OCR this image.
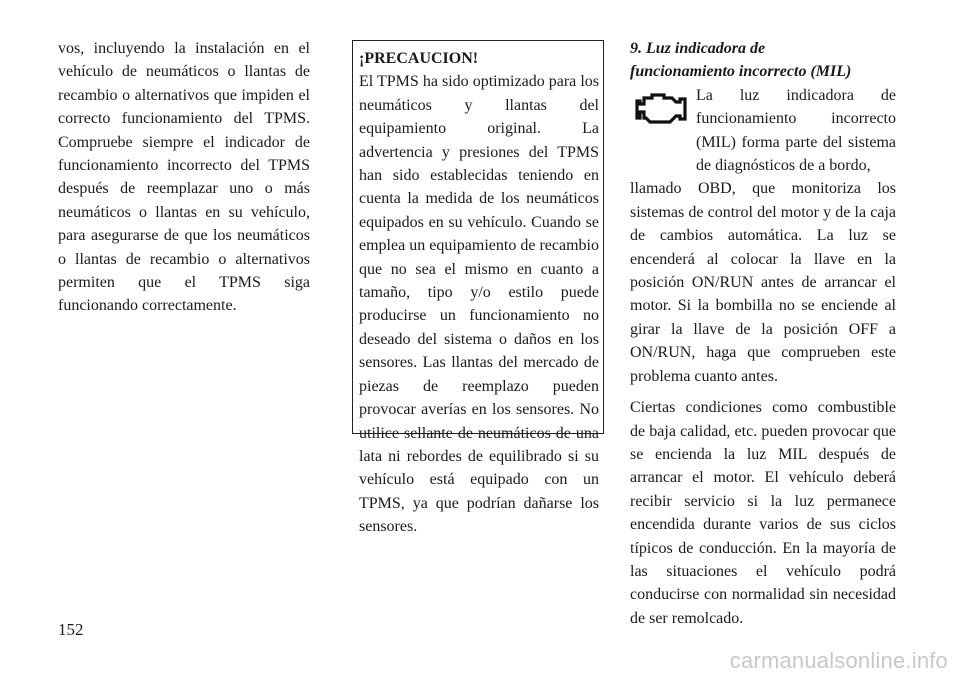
vos, incluyendo la instalación en el vehículo de neumáticos o llantas de recambio o alternativos que impiden el correcto funcionamiento del TPMS. Compruebe siempre el indicador de funcionamiento incorrecto del TPMS después de reemplazar uno o más neumáticos o llantas en su vehículo, para asegurarse de que los neumáticos o llantas de recambio o alternativos permiten que el TPMS siga funcionando correctamente.

¡PRECAUCION!
El TPMS ha sido optimizado para los neumáticos y llantas del equipamiento original. La advertencia y presiones del TPMS han sido establecidas teniendo en cuenta la medida de los neumáticos equipados en su vehículo. Cuando se emplea un equipamiento de recambio que no sea el mismo en cuanto a tamaño, tipo y/o estilo puede producirse un funcionamiento no deseado del sistema o daños en los sensores. Las llantas del mercado de piezas de reemplazo pueden provocar averías en los sensores. No utilice sellante de neumáticos de una lata ni rebordes de equilibrado si su vehículo está equipado con un TPMS, ya que podrían dañarse los sensores.
9. Luz indicadora de
funcionamiento incorrecto (MIL)

La luz indicadora de funcionamiento incorrecto (MIL) forma parte del sistema de diagnósticos de a bordo,

llamado OBD, que monitoriza los sistemas de control del motor y de la caja de cambios automática. La luz se encenderá al colocar la llave en la posición ON/RUN antes de arrancar el motor. Si la bombilla no se enciende al girar la llave de la posición OFF a ON/RUN, haga que comprueben este problema cuanto antes.

Ciertas condiciones como combustible de baja calidad, etc. pueden provocar que se encienda la luz MIL después de arrancar el motor. El vehículo deberá recibir servicio si la luz permanece encendida durante varios de sus ciclos típicos de conducción. En la mayoría de las situaciones el vehículo podrá conducirse con normalidad sin necesidad de ser remolcado.

152
carmanualsonline.info
